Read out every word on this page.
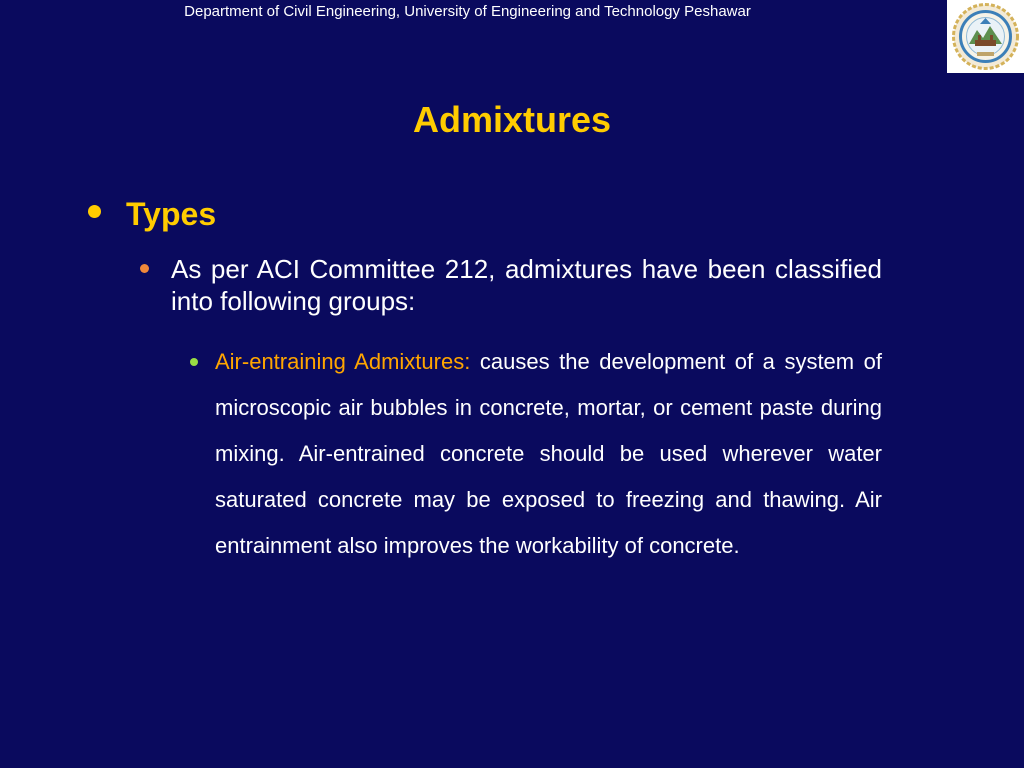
Department of Civil Engineering, University of Engineering and Technology Peshawar
Admixtures
Types
As per ACI Committee 212, admixtures have been classified into following groups:
Air-entraining Admixtures: causes the development of a system of microscopic air bubbles in concrete, mortar, or cement paste during mixing. Air-entrained concrete should be used wherever water saturated concrete may be exposed to freezing and thawing. Air entrainment also improves the workability of concrete.
